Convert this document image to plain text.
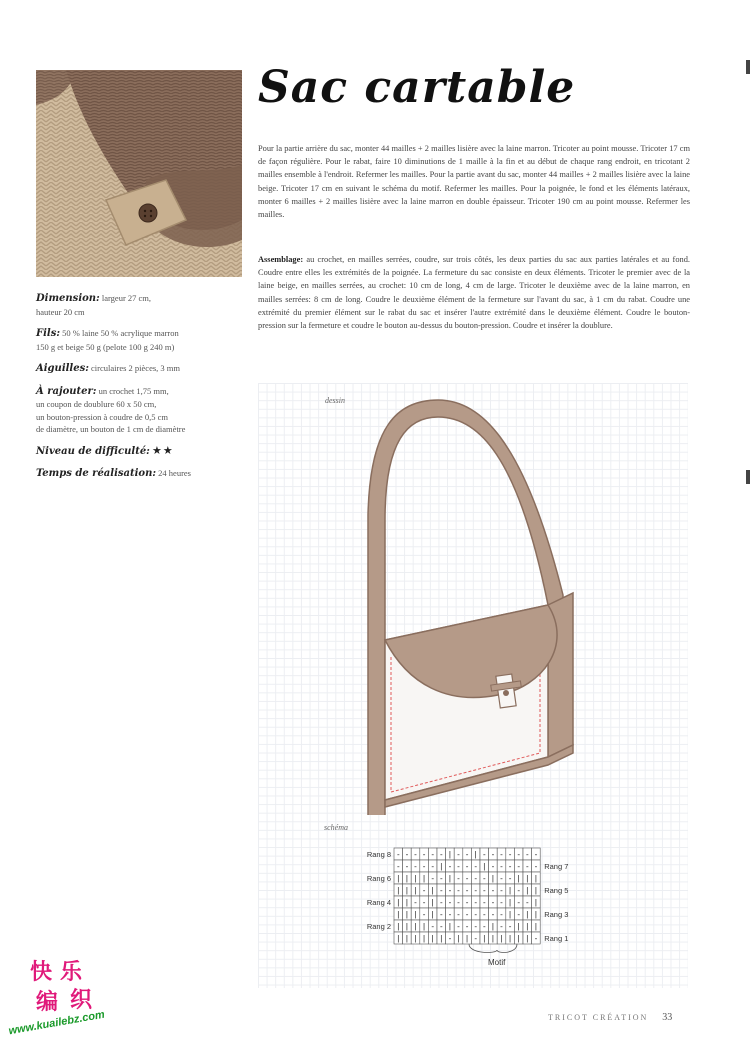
Sac cartable

Pour la partie arrière du sac, monter 44 mailles + 2 mailles lisière avec la laine marron. Tricoter au point mousse. Tricoter 17 cm de façon régulière. Pour le rabat, faire 10 diminutions de 1 maille à la fin et au début de chaque rang endroit, en tricotant 2 mailles ensemble à l'endroit. Refermer les mailles. Pour la partie avant du sac, monter 44 mailles + 2 mailles lisière avec la laine beige. Tricoter 17 cm en suivant le schéma du motif. Refermer les mailles. Pour la poignée, le fond et les éléments latéraux, monter 6 mailles + 2 mailles lisière avec la laine marron en double épaisseur. Tricoter 190 cm au point mousse. Refermer les mailles.

Assemblage: au crochet, en mailles serrées, coudre, sur trois côtés, les deux parties du sac aux parties latérales et au fond. Coudre entre elles les extrémités de la poignée. La fermeture du sac consiste en deux éléments. Tricoter le premier avec de la laine beige, en mailles serrées, au crochet: 10 cm de long, 4 cm de large. Tricoter le deuxième avec de la laine marron, en mailles serrées: 8 cm de long. Coudre le deuxième élément de la fermeture sur l'avant du sac, à 1 cm du rabat. Coudre une extrémité du premier élément sur le rabat du sac et insérer l'autre extrémité dans le deuxième élément. Coudre le bouton-pression sur la fermeture et coudre le bouton au-dessus du bouton-pression. Coudre et insérer la doublure.

Dimension: largeur 27 cm,
hauteur 20 cm

Fils: 50 % laine 50 % acrylique marron
150 g et beige 50 g (pelote 100 g 240 m)

Aiguilles: circulaires 2 pièces, 3 mm

À rajouter: un crochet 1,75 mm,
un coupon de doublure 60 x 50 cm,
un bouton-pression à coudre de 0,5 cm
de diamètre, un bouton de 1 cm de diamètre

Niveau de difficulté: ★★

Temps de réalisation: 24 heures

dessin
schéma
- - - - - - | - - | - - - - - - -
- - - - - | - - - - | - - - - - -
| | | | - - | - - - - | - - | | |
| | | - | - - - - - - - - | - | |
| | - - | - - - - - - - - | - - |
| | | - | - - - - - - - - | - | |
| | | | - - | - - - - | - - | | |
| | | | | | - | | - | | | | | | -
Rang 8
Rang 6
Rang 4
Rang 2
Rang 7
Rang 5
Rang 3
Rang 1
Motif
TRICOT CRÉATION 33
快 乐
编 织
www.kuailebz.com
